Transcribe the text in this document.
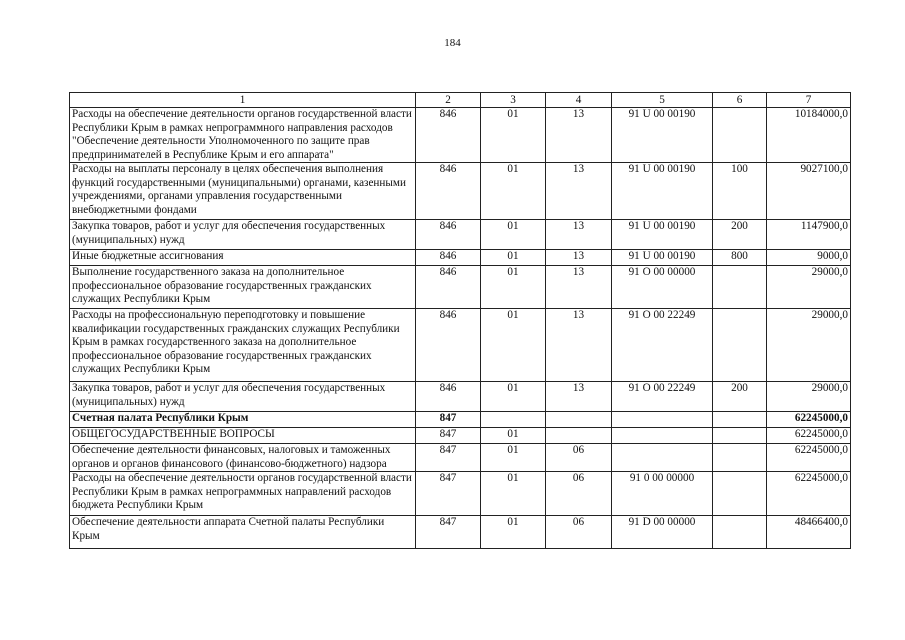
184
1	2	3	4	5	6	7
Расходы на обеспечение деятельности органов государственной власти Республики Крым в рамках непрограммного направления расходов "Обеспечение деятельности Уполномоченного по защите прав предпринимателей в Республике Крым и его аппарата"	846	01	13	91 U 00 00190		10184000,0
Расходы на выплаты персоналу в целях обеспечения выполнения функций государственными (муниципальными) органами, казенными учреждениями, органами управления государственными внебюджетными фондами	846	01	13	91 U 00 00190	100	9027100,0
Закупка товаров, работ и услуг для обеспечения государственных (муниципальных) нужд	846	01	13	91 U 00 00190	200	1147900,0
Иные бюджетные ассигнования	846	01	13	91 U 00 00190	800	9000,0
Выполнение государственного заказа на дополнительное профессиональное образование государственных гражданских служащих Республики Крым	846	01	13	91 O 00 00000		29000,0
Расходы на профессиональную переподготовку и повышение квалификации государственных гражданских служащих Республики Крым в рамках государственного заказа на дополнительное профессиональное образование государственных гражданских служащих Республики Крым	846	01	13	91 O 00 22249		29000,0
Закупка товаров, работ и услуг для обеспечения государственных (муниципальных) нужд	846	01	13	91 O 00 22249	200	29000,0
Счетная палата Республики Крым	847					62245000,0
ОБЩЕГОСУДАРСТВЕННЫЕ ВОПРОСЫ	847	01				62245000,0
Обеспечение деятельности финансовых, налоговых и таможенных органов и органов финансового (финансово-бюджетного) надзора	847	01	06			62245000,0
Расходы на обеспечение деятельности органов государственной власти Республики Крым в рамках непрограммных направлений расходов бюджета Республики Крым	847	01	06	91 0 00 00000		62245000,0
Обеспечение деятельности аппарата Счетной палаты Республики Крым	847	01	06	91 D 00 00000		48466400,0
